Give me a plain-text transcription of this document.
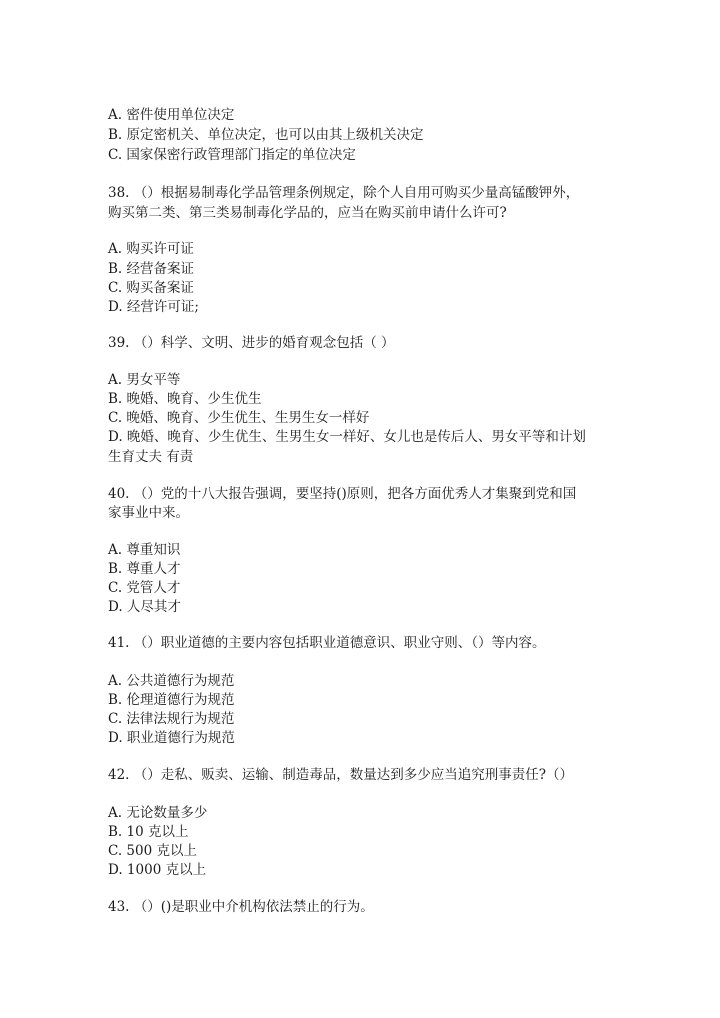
A. 密件使用单位决定
B. 原定密机关、单位决定，也可以由其上级机关决定
C. 国家保密行政管理部门指定的单位决定
38. （）根据易制毒化学品管理条例规定，除个人自用可购买少量高锰酸钾外，
购买第二类、第三类易制毒化学品的，应当在购买前申请什么许可?
A. 购买许可证
B. 经营备案证
C. 购买备案证
D. 经营许可证;
39. （）科学、文明、进步的婚育观念包括（ ）
A. 男女平等
B. 晚婚、晚育、少生优生
C. 晚婚、晚育、少生优生、生男生女一样好
D. 晚婚、晚育、少生优生、生男生女一样好、女儿也是传后人、男女平等和计划
生育丈夫 有责
40. （）党的十八大报告强调，要坚持()原则，把各方面优秀人才集聚到党和国
家事业中来。
A. 尊重知识
B. 尊重人才
C. 党管人才
D. 人尽其才
41. （）职业道德的主要内容包括职业道德意识、职业守则、（）等内容。
A. 公共道德行为规范
B. 伦理道德行为规范
C. 法律法规行为规范
D. 职业道德行为规范
42. （）走私、贩卖、运输、制造毒品，数量达到多少应当追究刑事责任?（）
A. 无论数量多少
B. 10 克以上
C. 500 克以上
D. 1000 克以上
43. （）()是职业中介机构依法禁止的行为。
